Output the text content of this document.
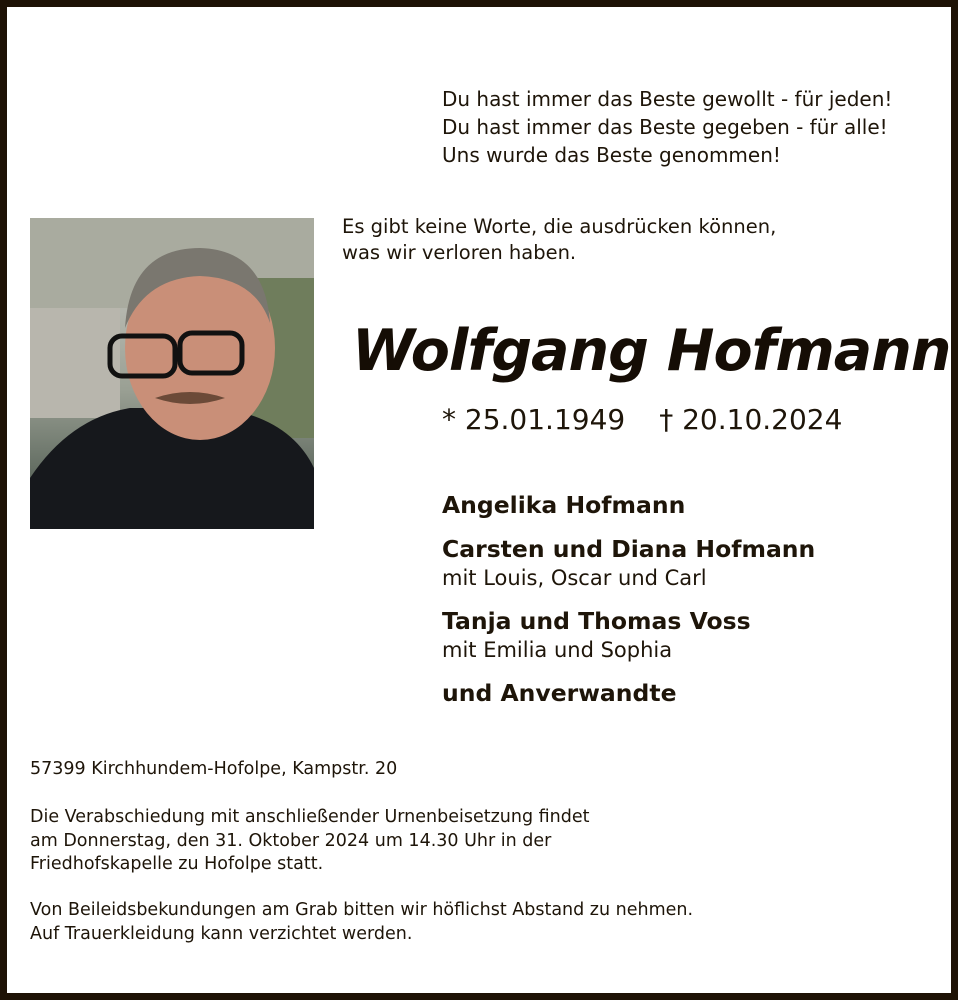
Du hast immer das Beste gewollt - für jeden!
Du hast immer das Beste gegeben - für alle!
Uns wurde das Beste genommen!
Es gibt keine Worte, die ausdrücken können,
was wir verloren haben.
Wolfgang Hofmann
* 25.01.1949 † 20.10.2024
Angelika Hofmann
Carsten und Diana Hofmann
mit Louis, Oscar und Carl
Tanja und Thomas Voss
mit Emilia und Sophia
und Anverwandte
57399 Kirchhundem-Hofolpe, Kampstr. 20
Die Verabschiedung mit anschließender Urnenbeisetzung findet
am Donnerstag, den 31. Oktober 2024 um 14.30 Uhr in der
Friedhofskapelle zu Hofolpe statt.
Von Beileidsbekundungen am Grab bitten wir höflichst Abstand zu nehmen.
Auf Trauerkleidung kann verzichtet werden.
